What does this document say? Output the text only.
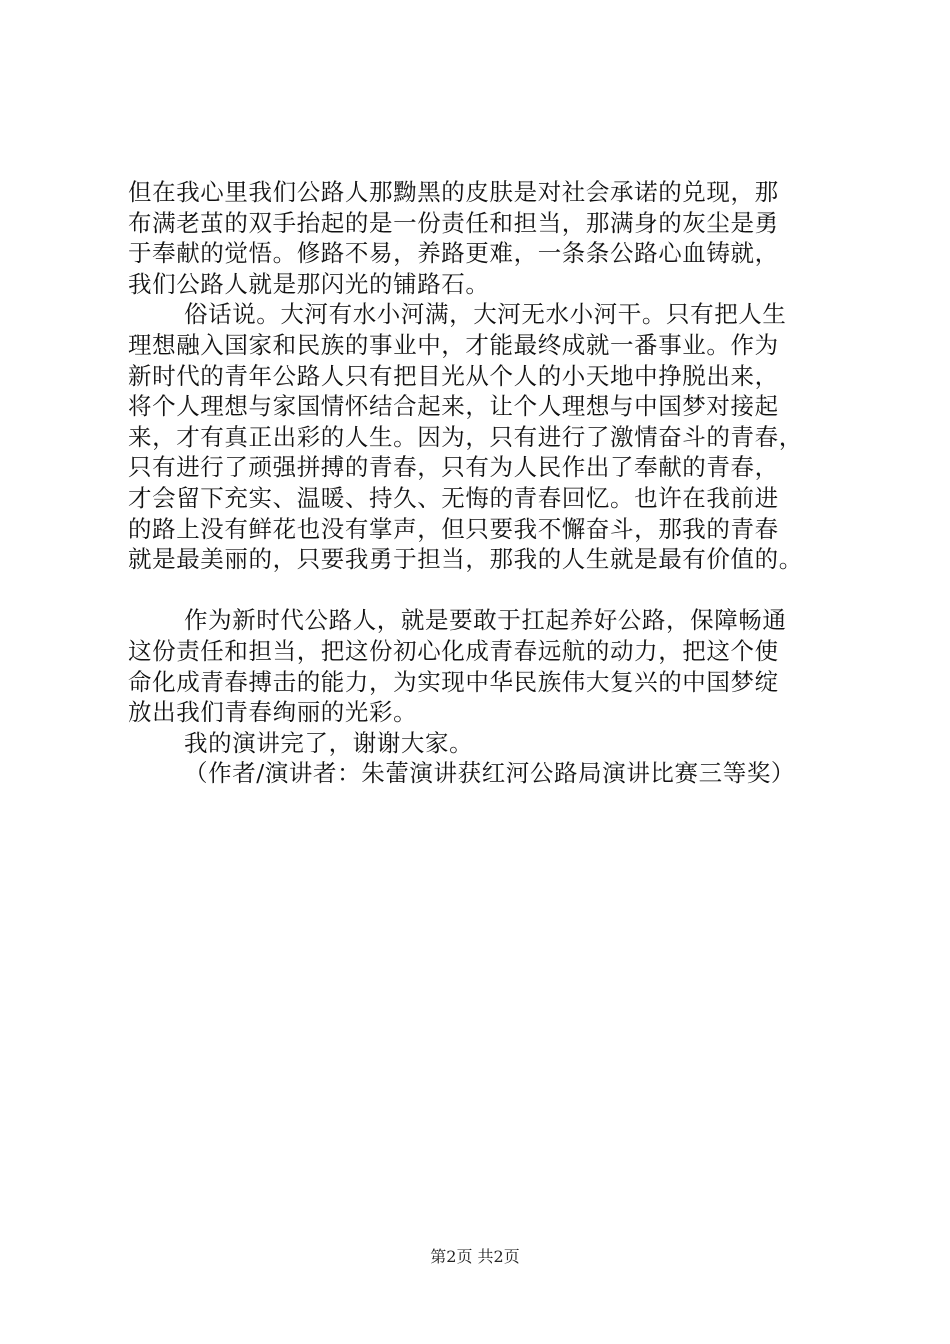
但在我心里我们公路人那黝黑的皮肤是对社会承诺的兑现，那
布满老茧的双手抬起的是一份责任和担当，那满身的灰尘是勇
于奉献的觉悟。修路不易，养路更难，一条条公路心血铸就，
我们公路人就是那闪光的铺路石。
俗话说。大河有水小河满，大河无水小河干。只有把人生
理想融入国家和民族的事业中，才能最终成就一番事业。作为
新时代的青年公路人只有把目光从个人的小天地中挣脱出来，
将个人理想与家国情怀结合起来，让个人理想与中国梦对接起
来，才有真正出彩的人生。因为，只有进行了激情奋斗的青春，
只有进行了顽强拼搏的青春，只有为人民作出了奉献的青春，
才会留下充实、温暖、持久、无悔的青春回忆。也许在我前进
的路上没有鲜花也没有掌声，但只要我不懈奋斗，那我的青春
就是最美丽的，只要我勇于担当，那我的人生就是最有价值的。
作为新时代公路人，就是要敢于扛起养好公路，保障畅通
这份责任和担当，把这份初心化成青春远航的动力，把这个使
命化成青春搏击的能力，为实现中华民族伟大复兴的中国梦绽
放出我们青春绚丽的光彩。
我的演讲完了，谢谢大家。
（作者/演讲者：朱蕾演讲获红河公路局演讲比赛三等奖）
第2页 共2页
